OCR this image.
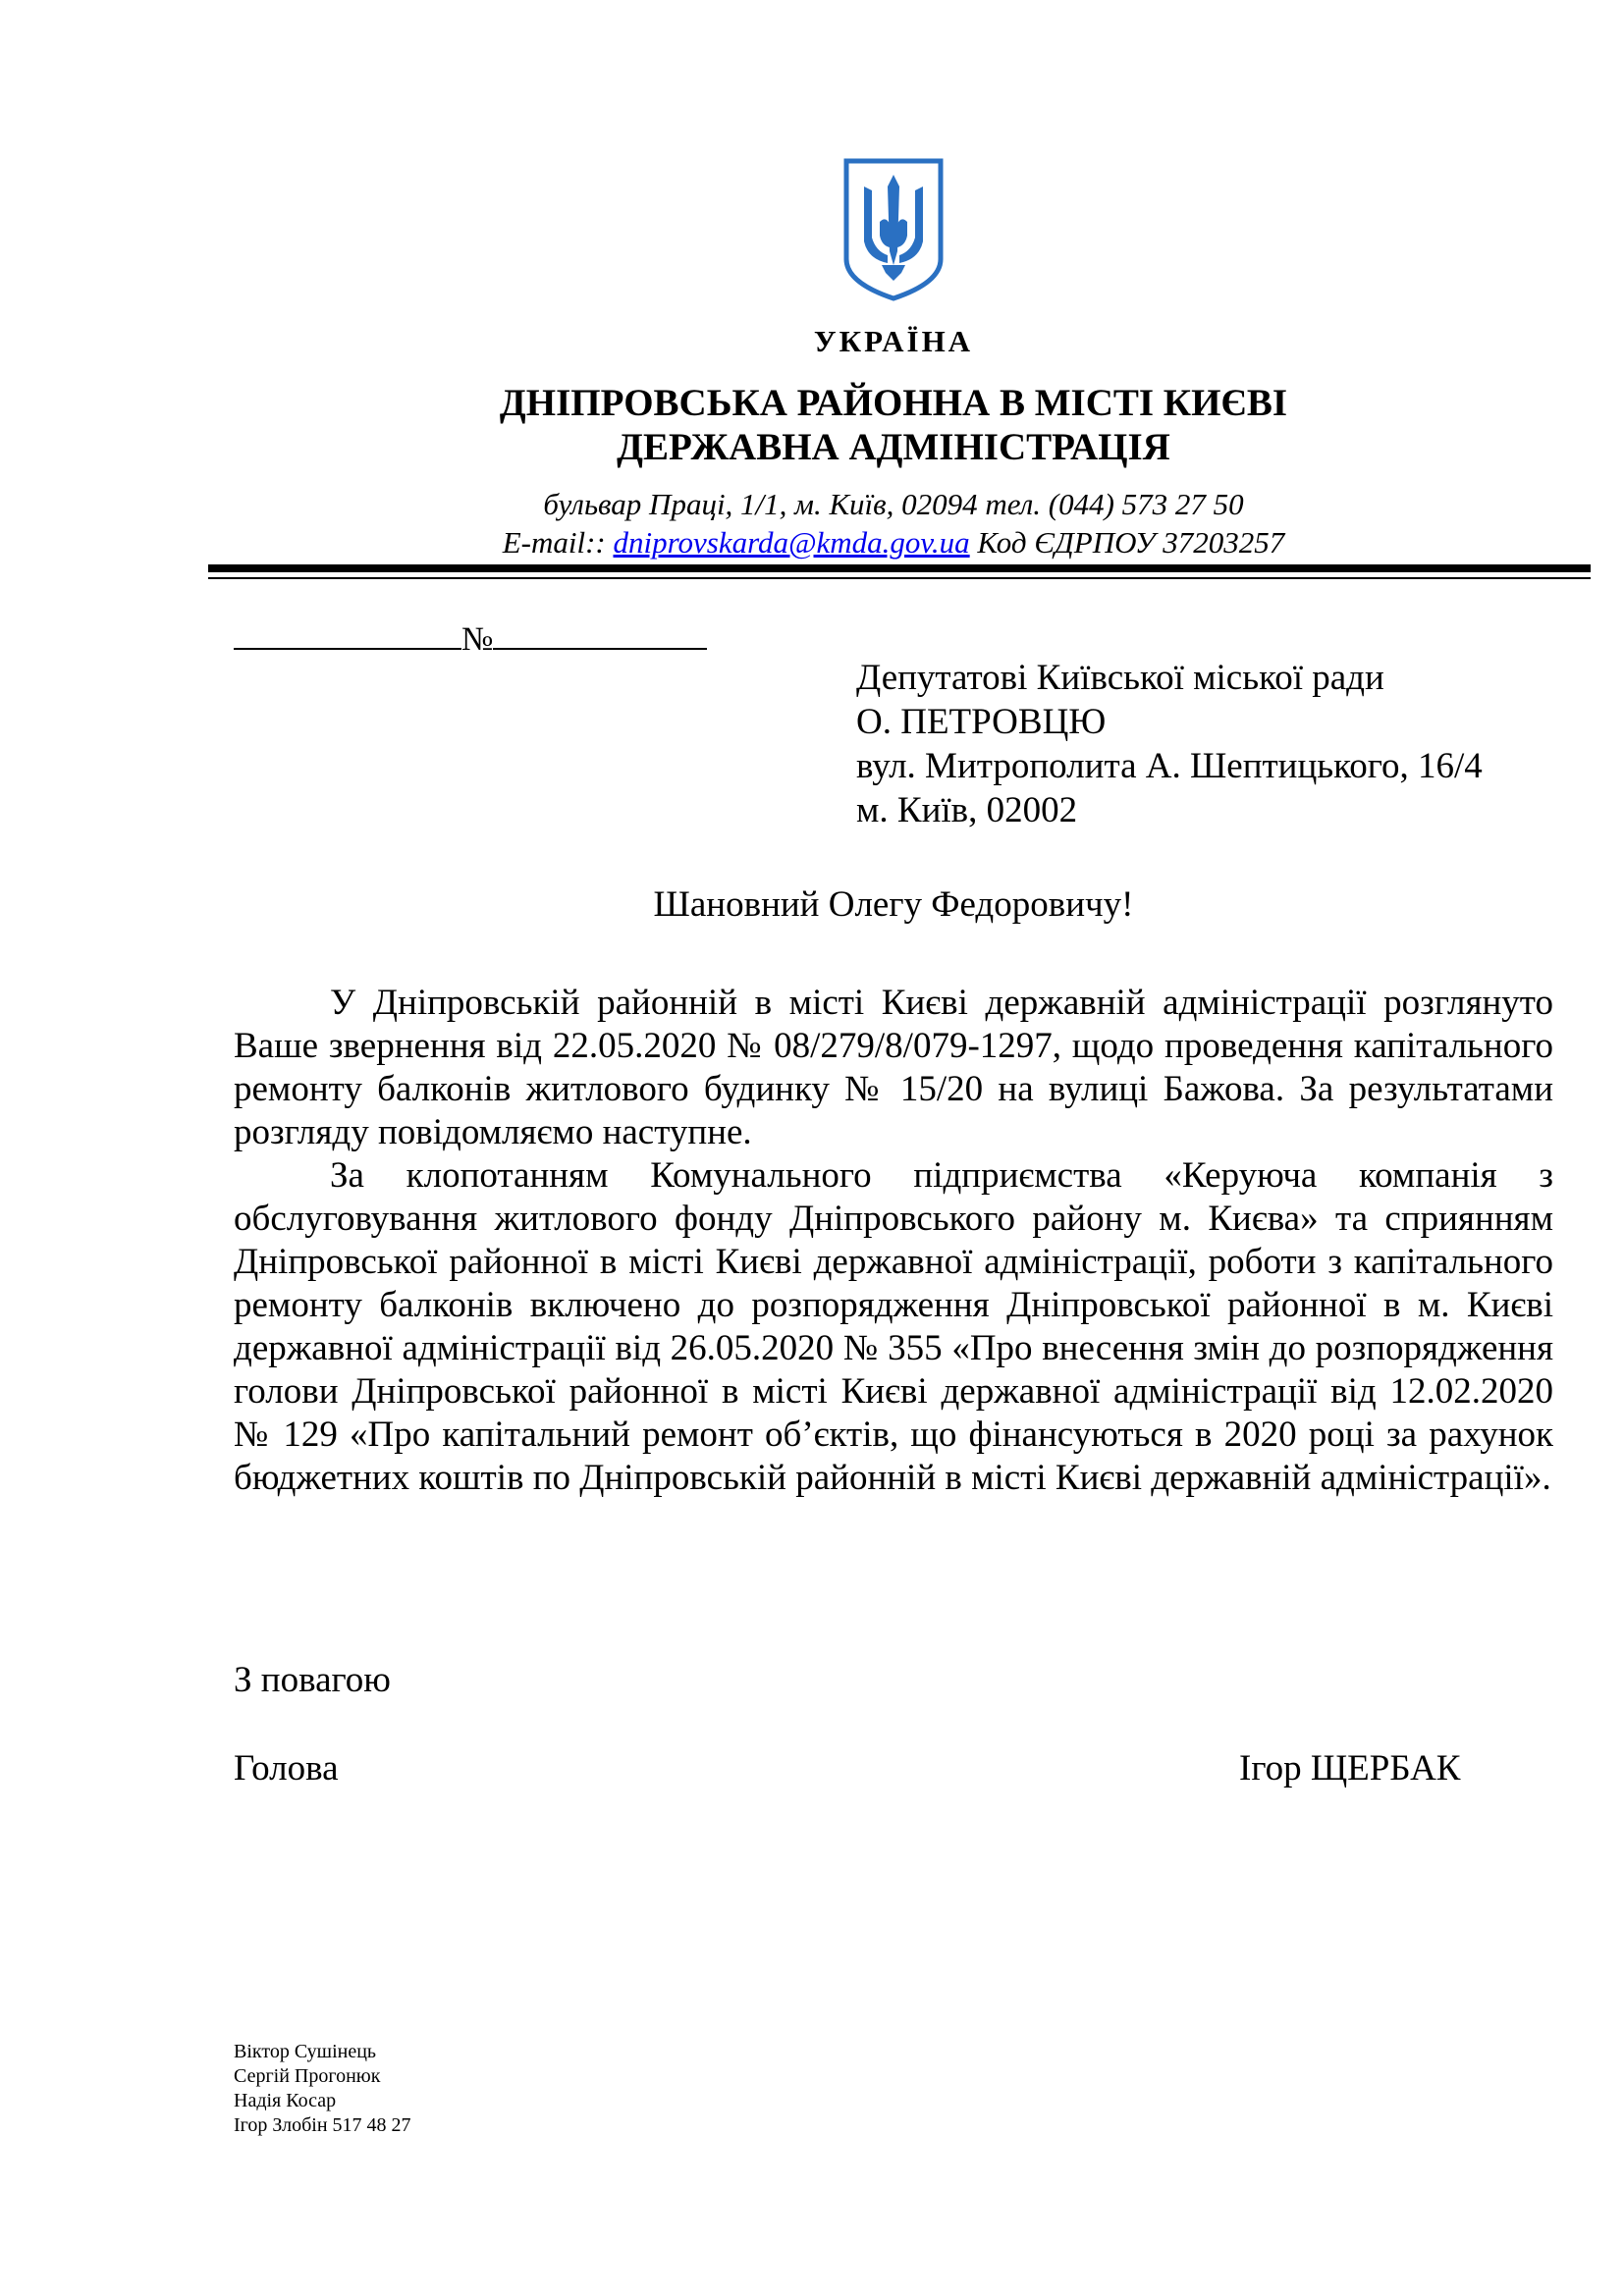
УКРАЇНА
ДНІПРОВСЬКА РАЙОННА В МІСТІ КИЄВІ
ДЕРЖАВНА АДМІНІСТРАЦІЯ
бульвар Праці, 1/1, м. Київ, 02094 тел. (044) 573 27 50
E-mail:: dniprovskarda@kmda.gov.ua Код ЄДРПОУ 37203257
№
Депутатові Київської міської ради
О. ПЕТРОВЦЮ
вул. Митрополита А. Шептицького, 16/4
м. Київ, 02002
Шановний Олегу Федоровичу!

У Дніпровській районній в місті Києві державній адміністрації розглянуто Ваше звернення від 22.05.2020 № 08/279/8/079-1297, щодо проведення капітального ремонту балконів житлового будинку № 15/20 на вулиці Бажова. За результатами розгляду повідомляємо наступне.

За клопотанням Комунального підприємства «Керуюча компанія з обслуговування житлового фонду Дніпровського району м. Києва» та сприянням Дніпровської районної в місті Києві державної адміністрації, роботи з капітального ремонту балконів включено до розпорядження Дніпровської районної в м. Києві державної адміністрації від 26.05.2020 № 355 «Про внесення змін до розпорядження голови Дніпровської районної в місті Києві державної адміністрації від 12.02.2020 № 129 «Про капітальний ремонт об’єктів, що фінансуються в 2020 році за рахунок бюджетних коштів по Дніпровській районній в місті Києві державній адміністрації».

З повагою
Голова	Ігор ЩЕРБАК
Віктор Сушінець
Сергій Прогонюк
Надія Косар
Ігор Злобін 517 48 27
